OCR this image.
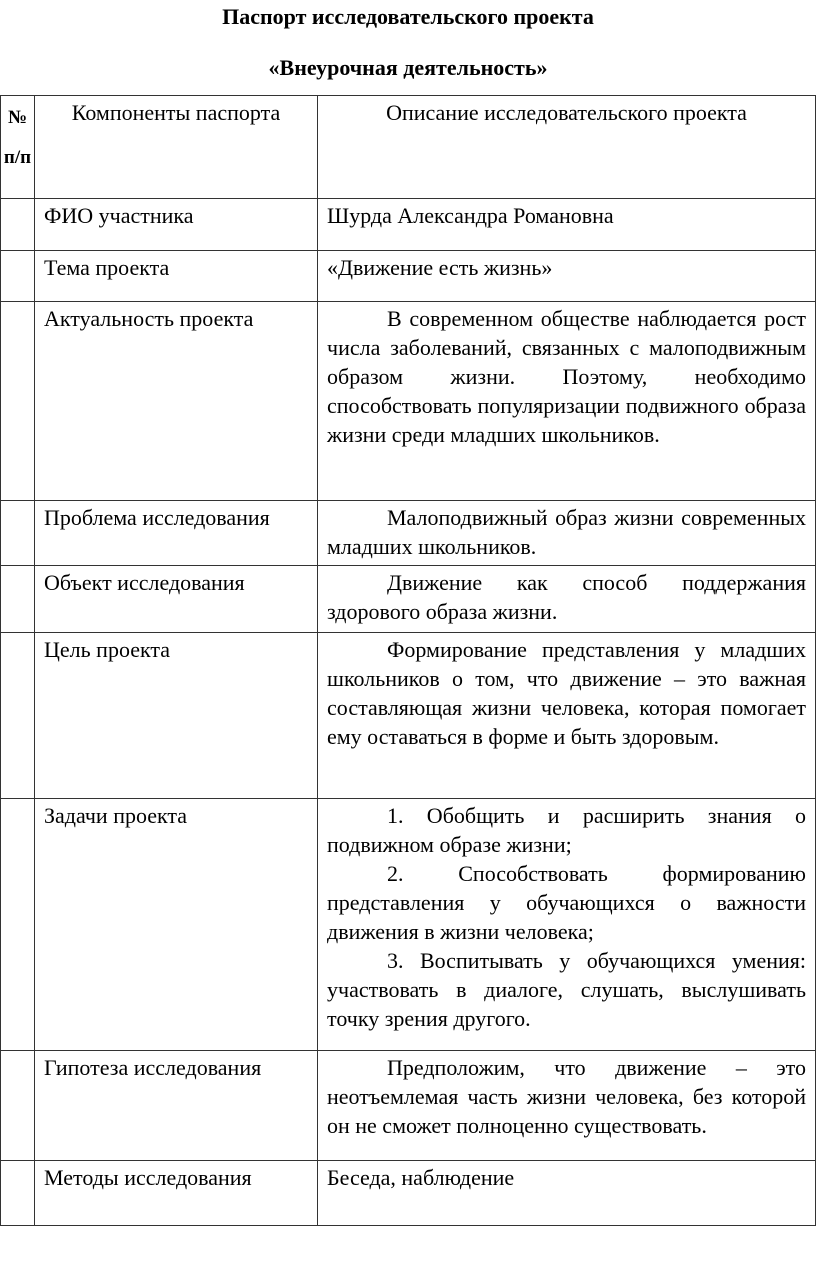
Паспорт исследовательского проекта
«Внеурочная деятельность»
№ п/п	Компоненты паспорта	Описание исследовательского проекта
	ФИО участника	Шурда Александра Романовна

	Тема проекта	«Движение есть жизнь»

	Актуальность проекта	В современном обществе наблюдается рост числа заболеваний, связанных с малоподвижным образом жизни. Поэтому, необходимо способствовать популяризации подвижного образа жизни среди младших школьников.

	Проблема исследования	Малоподвижный образ жизни современных младших школьников.

	Объект исследования	Движение как способ поддержания здорового образа жизни.

	Цель проекта	Формирование представления у младших школьников о том, что движение – это важная составляющая жизни человека, которая помогает ему оставаться в форме и быть здоровым.

	Задачи проекта	1. Обобщить и расширить знания о подвижном образе жизни;

2. Способствовать формированию представления у обучающихся о важности движения в жизни человека;

3. Воспитывать у обучающихся умения: участвовать в диалоге, слушать, выслушивать точку зрения другого.

	Гипотеза исследования	Предположим, что движение – это неотъемлемая часть жизни человека, без которой он не сможет полноценно существовать.

	Методы исследования	Беседа, наблюдение
